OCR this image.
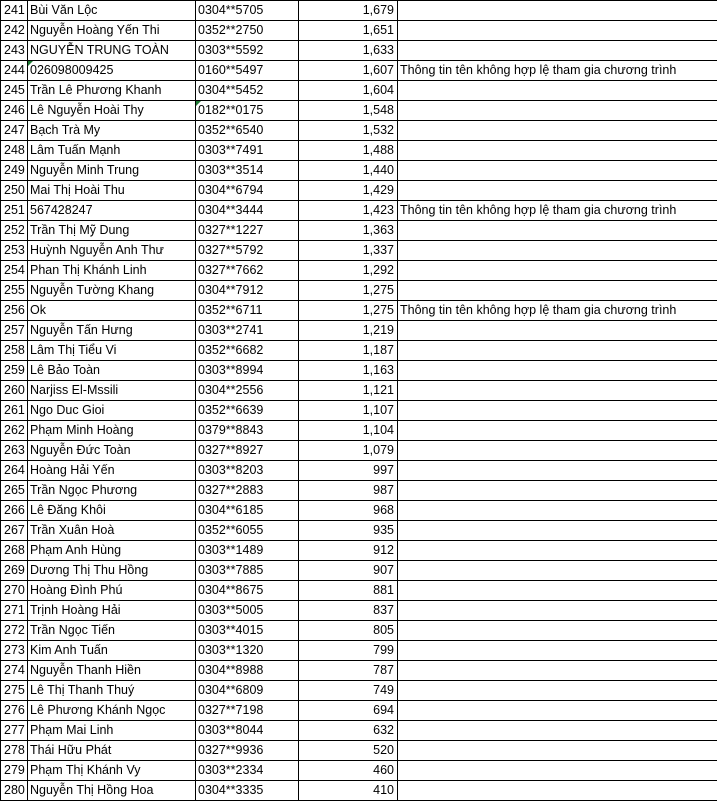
241	Bùi Văn Lộc	0304**5705	1,679	
242	Nguyễn Hoàng Yến Thi	0352**2750	1,651	
243	NGUYỄN TRUNG TOÀN	0303**5592	1,633	
244	026098009425	0160**5497	1,607	Thông tin tên không hợp lệ tham gia chương trình
245	Trần Lê Phương Khanh	0304**5452	1,604	
246	Lê Nguyễn Hoài Thy	0182**0175	1,548	
247	Bạch Trà My	0352**6540	1,532	
248	Lâm Tuấn Mạnh	0303**7491	1,488	
249	Nguyễn Minh Trung	0303**3514	1,440	
250	Mai Thị Hoài Thu	0304**6794	1,429	
251	567428247	0304**3444	1,423	Thông tin tên không hợp lệ tham gia chương trình
252	Trần Thị Mỹ Dung	0327**1227	1,363	
253	Huỳnh Nguyễn Anh Thư	0327**5792	1,337	
254	Phan Thị Khánh Linh	0327**7662	1,292	
255	Nguyễn Tường Khang	0304**7912	1,275	
256	Ok	0352**6711	1,275	Thông tin tên không hợp lệ tham gia chương trình
257	Nguyễn Tấn Hưng	0303**2741	1,219	
258	Lâm Thị Tiểu Vi	0352**6682	1,187	
259	Lê Bảo Toàn	0303**8994	1,163	
260	Narjiss El-Mssili	0304**2556	1,121	
261	Ngo Duc Gioi	0352**6639	1,107	
262	Phạm Minh Hoàng	0379**8843	1,104	
263	Nguyễn Đức Toàn	0327**8927	1,079	
264	Hoàng Hải Yến	0303**8203	997	
265	Trần Ngọc Phương	0327**2883	987	
266	Lê Đăng Khôi	0304**6185	968	
267	Trần Xuân Hoà	0352**6055	935	
268	Phạm Anh Hùng	0303**1489	912	
269	Dương Thị Thu Hồng	0303**7885	907	
270	Hoàng Đình Phú	0304**8675	881	
271	Trịnh Hoàng Hải	0303**5005	837	
272	Trần Ngọc Tiến	0303**4015	805	
273	Kim Anh Tuấn	0303**1320	799	
274	Nguyễn Thanh Hiền	0304**8988	787	
275	Lê Thị Thanh Thuý	0304**6809	749	
276	Lê Phương Khánh Ngọc	0327**7198	694	
277	Phạm Mai Linh	0303**8044	632	
278	Thái Hữu Phát	0327**9936	520	
279	Phạm Thị Khánh Vy	0303**2334	460	
280	Nguyễn Thị Hồng Hoa	0304**3335	410	
